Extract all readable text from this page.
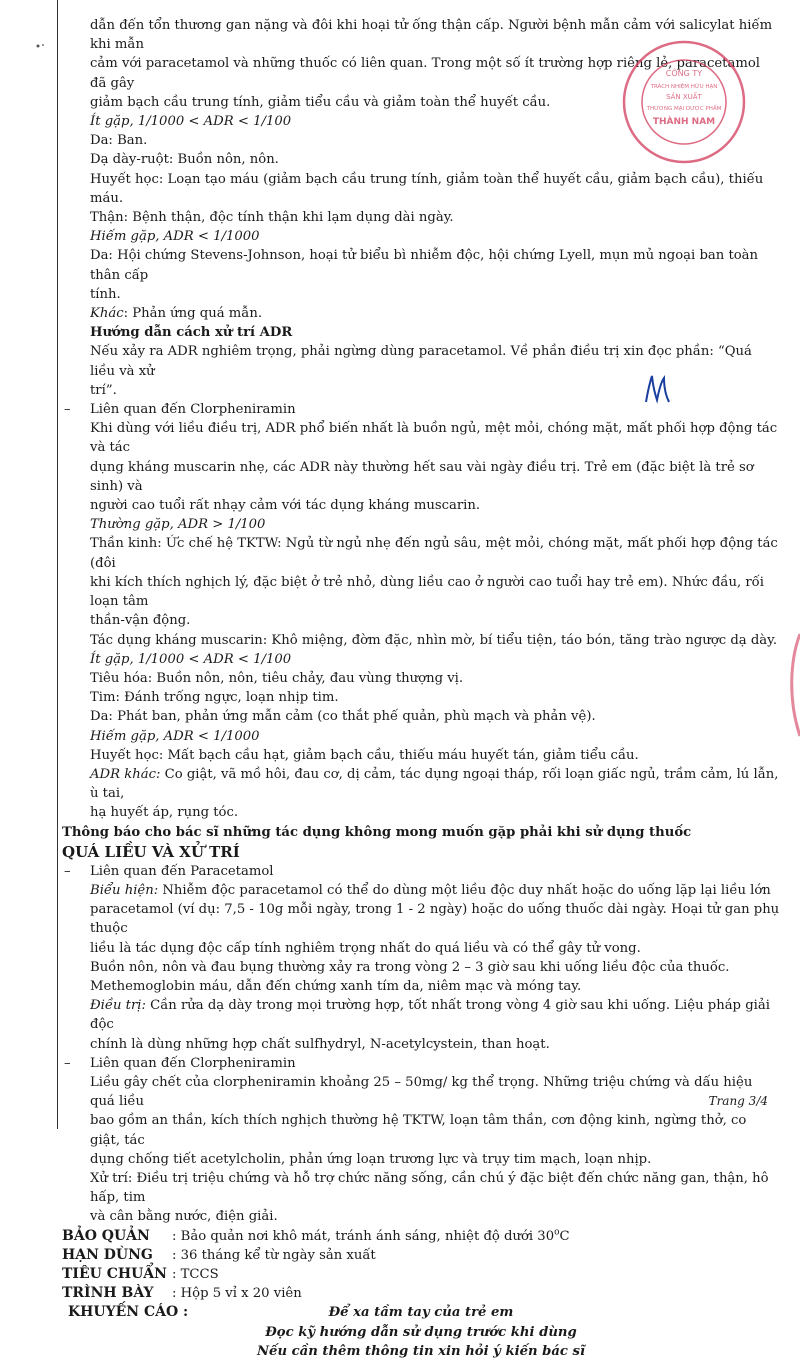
dẫn đến tổn thương gan nặng và đôi khi hoại tử ống thận cấp. Người bệnh mẫn cảm với salicylat hiếm khi mẫn

cảm với paracetamol và những thuốc có liên quan. Trong một số ít trường hợp riêng lẻ, paracetamol đã gây

giảm bạch cầu trung tính, giảm tiểu cầu và giảm toàn thể huyết cầu.

Ít gặp, 1/1000 < ADR < 1/100

Da: Ban.

Dạ dày-ruột: Buồn nôn, nôn.

Huyết học: Loạn tạo máu (giảm bạch cầu trung tính, giảm toàn thể huyết cầu, giảm bạch cầu), thiếu máu.

Thận: Bệnh thận, độc tính thận khi lạm dụng dài ngày.

Hiếm gặp, ADR < 1/1000

Da: Hội chứng Stevens-Johnson, hoại tử biểu bì nhiễm độc, hội chứng Lyell, mụn mủ ngoại ban toàn thân cấp

tính.

Khác: Phản ứng quá mẫn.

Hướng dẫn cách xử trí ADR

Nếu xảy ra ADR nghiêm trọng, phải ngừng dùng paracetamol. Về phần điều trị xin đọc phần: “Quá liều và xử

trí”.

– Liên quan đến Clorpheniramin

Khi dùng với liều điều trị, ADR phổ biến nhất là buồn ngủ, mệt mỏi, chóng mặt, mất phối hợp động tác và tác

dụng kháng muscarin nhẹ, các ADR này thường hết sau vài ngày điều trị. Trẻ em (đặc biệt là trẻ sơ sinh) và

người cao tuổi rất nhạy cảm với tác dụng kháng muscarin.

Thường gặp, ADR > 1/100

Thần kinh: Ức chế hệ TKTW: Ngủ từ ngủ nhẹ đến ngủ sâu, mệt mỏi, chóng mặt, mất phối hợp động tác (đôi

khi kích thích nghịch lý, đặc biệt ở trẻ nhỏ, dùng liều cao ở người cao tuổi hay trẻ em). Nhức đầu, rối loạn tâm

thần-vận động.

Tác dụng kháng muscarin: Khô miệng, đờm đặc, nhìn mờ, bí tiểu tiện, táo bón, tăng trào ngược dạ dày.

Ít gặp, 1/1000 < ADR < 1/100

Tiêu hóa: Buồn nôn, nôn, tiêu chảy, đau vùng thượng vị.

Tim: Đánh trống ngực, loạn nhịp tim.

Da: Phát ban, phản ứng mẫn cảm (co thắt phế quản, phù mạch và phản vệ).

Hiếm gặp, ADR < 1/1000

Huyết học: Mất bạch cầu hạt, giảm bạch cầu, thiếu máu huyết tán, giảm tiểu cầu.

ADR khác: Co giật, vã mồ hôi, đau cơ, dị cảm, tác dụng ngoại tháp, rối loạn giấc ngủ, trầm cảm, lú lẫn, ù tai,

hạ huyết áp, rụng tóc.

Thông báo cho bác sĩ những tác dụng không mong muốn gặp phải khi sử dụng thuốc

QUÁ LIỀU VÀ XỬ TRÍ

– Liên quan đến Paracetamol

Biểu hiện: Nhiễm độc paracetamol có thể do dùng một liều độc duy nhất hoặc do uống lặp lại liều lớn

paracetamol (ví dụ: 7,5 - 10g mỗi ngày, trong 1 - 2 ngày) hoặc do uống thuốc dài ngày. Hoại tử gan phụ thuộc

liều là tác dụng độc cấp tính nghiêm trọng nhất do quá liều và có thể gây tử vong.

Buồn nôn, nôn và đau bụng thường xảy ra trong vòng 2 – 3 giờ sau khi uống liều độc của thuốc.

Methemoglobin máu, dẫn đến chứng xanh tím da, niêm mạc và móng tay.

Điều trị: Cần rửa dạ dày trong mọi trường hợp, tốt nhất trong vòng 4 giờ sau khi uống. Liệu pháp giải độc

chính là dùng những hợp chất sulfhydryl, N-acetylcystein, than hoạt.

– Liên quan đến Clorpheniramin

Liều gây chết của clorpheniramin khoảng 25 – 50mg/ kg thể trọng. Những triệu chứng và dấu hiệu quá liều

bao gồm an thần, kích thích nghịch thường hệ TKTW, loạn tâm thần, cơn động kinh, ngừng thở, co giật, tác

dụng chống tiết acetylcholin, phản ứng loạn trương lực và trụy tim mạch, loạn nhịp.

Xử trí: Điều trị triệu chứng và hỗ trợ chức năng sống, cần chú ý đặc biệt đến chức năng gan, thận, hô hấp, tim

và cân bằng nước, điện giải.

BẢO QUẢN	: Bảo quản nơi khô mát, tránh ánh sáng, nhiệt độ dưới 30$^o$C
HẠN DÙNG	: 36 tháng kể từ ngày sản xuất
TIÊU CHUẨN : TCCS
TRÌNH BÀY	: Hộp 5 vỉ x 20 viên
KHUYẾN CÁO :	Để xa tầm tay của trẻ em

Đọc kỹ hướng dẫn sử dụng trước khi dùng

Nếu cần thêm thông tin xin hỏi ý kiến bác sĩ

CÔNG TY
TRÁCH NHIỆM HỮU HẠN
SẢN XUẤT
THƯƠNG MẠI DƯỢC PHẨM
THÀNH NAM
Trang 3/4
